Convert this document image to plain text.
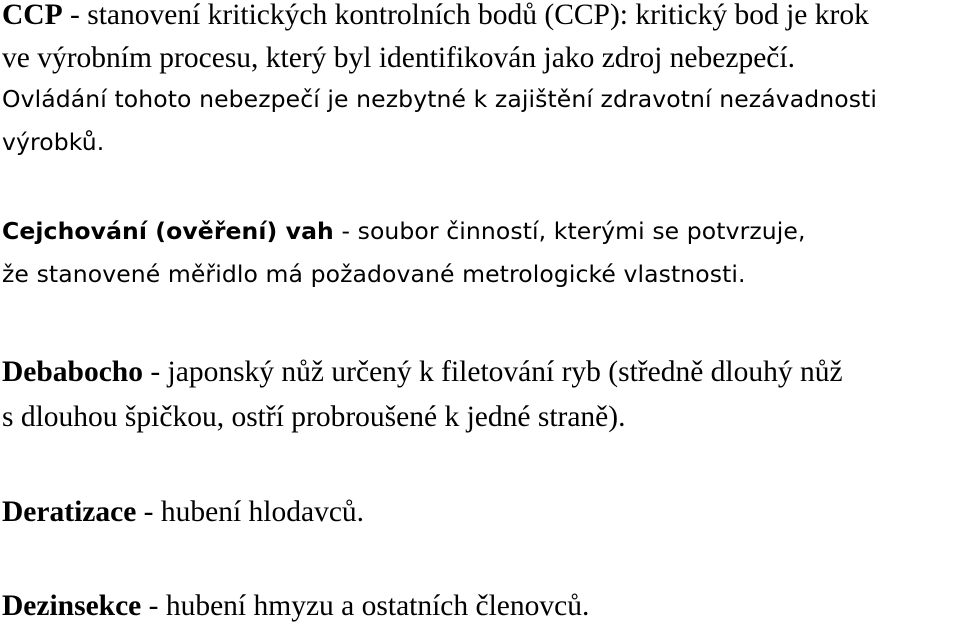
CCP - stanovení kritických kontrolních bodů (CCP): kritický bod je krok
ve výrobním procesu, který byl identifikován jako zdroj nebezpečí.
Ovládání tohoto nebezpečí je nezbytné k zajištění zdravotní nezávadnosti
výrobků.
Cejchování (ověření) vah - soubor činností, kterými se potvrzuje,
že stanovené měřidlo má požadované metrologické vlastnosti.
Debabocho - japonský nůž určený k filetování ryb (středně dlouhý nůž
s dlouhou špičkou, ostří probroušené k jedné straně).
Deratizace - hubení hlodavců.
Dezinsekce - hubení hmyzu a ostatních členovců.
